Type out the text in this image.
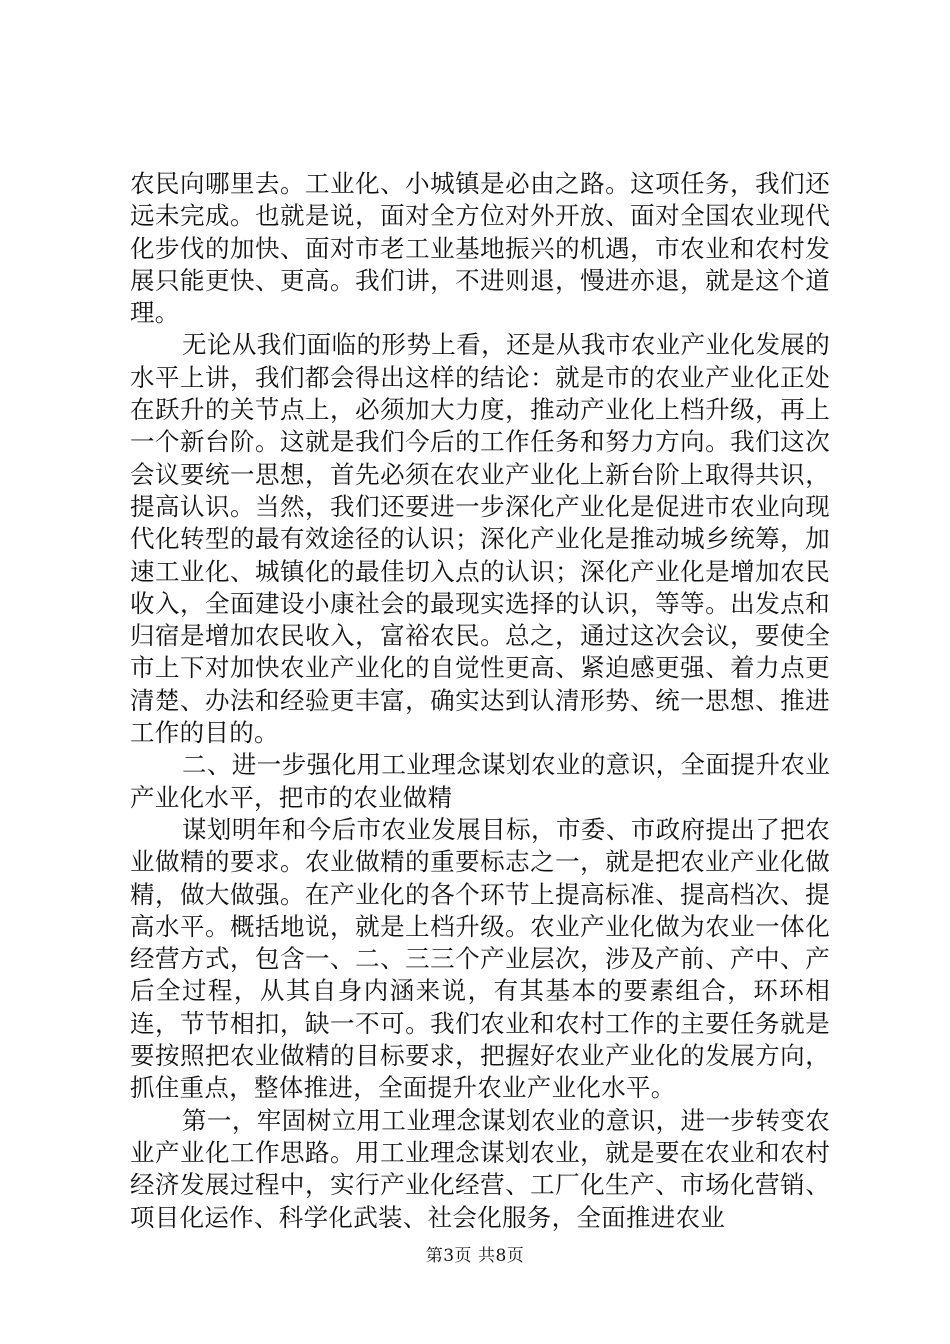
农民向哪里去。工业化、小城镇是必由之路。这项任务，我们还远未完成。也就是说，面对全方位对外开放、面对全国农业现代化步伐的加快、面对市老工业基地振兴的机遇，市农业和农村发展只能更快、更高。我们讲，不进则退，慢进亦退，就是这个道理。

无论从我们面临的形势上看，还是从我市农业产业化发展的水平上讲，我们都会得出这样的结论：就是市的农业产业化正处在跃升的关节点上，必须加大力度，推动产业化上档升级，再上一个新台阶。这就是我们今后的工作任务和努力方向。我们这次会议要统一思想，首先必须在农业产业化上新台阶上取得共识，提高认识。当然，我们还要进一步深化产业化是促进市农业向现代化转型的最有效途径的认识；深化产业化是推动城乡统筹，加速工业化、城镇化的最佳切入点的认识；深化产业化是增加农民收入，全面建设小康社会的最现实选择的认识，等等。出发点和归宿是增加农民收入，富裕农民。总之，通过这次会议，要使全市上下对加快农业产业化的自觉性更高、紧迫感更强、着力点更清楚、办法和经验更丰富，确实达到认清形势、统一思想、推进工作的目的。

二、进一步强化用工业理念谋划农业的意识，全面提升农业产业化水平，把市的农业做精

谋划明年和今后市农业发展目标，市委、市政府提出了把农业做精的要求。农业做精的重要标志之一，就是把农业产业化做精，做大做强。在产业化的各个环节上提高标准、提高档次、提高水平。概括地说，就是上档升级。农业产业化做为农业一体化经营方式，包含一、二、三三个产业层次，涉及产前、产中、产后全过程，从其自身内涵来说，有其基本的要素组合，环环相连，节节相扣，缺一不可。我们农业和农村工作的主要任务就是要按照把农业做精的目标要求，把握好农业产业化的发展方向，抓住重点，整体推进，全面提升农业产业化水平。

第一，牢固树立用工业理念谋划农业的意识，进一步转变农业产业化工作思路。用工业理念谋划农业，就是要在农业和农村经济发展过程中，实行产业化经营、工厂化生产、市场化营销、项目化运作、科学化武装、社会化服务，全面推进农业

第3页 共8页
